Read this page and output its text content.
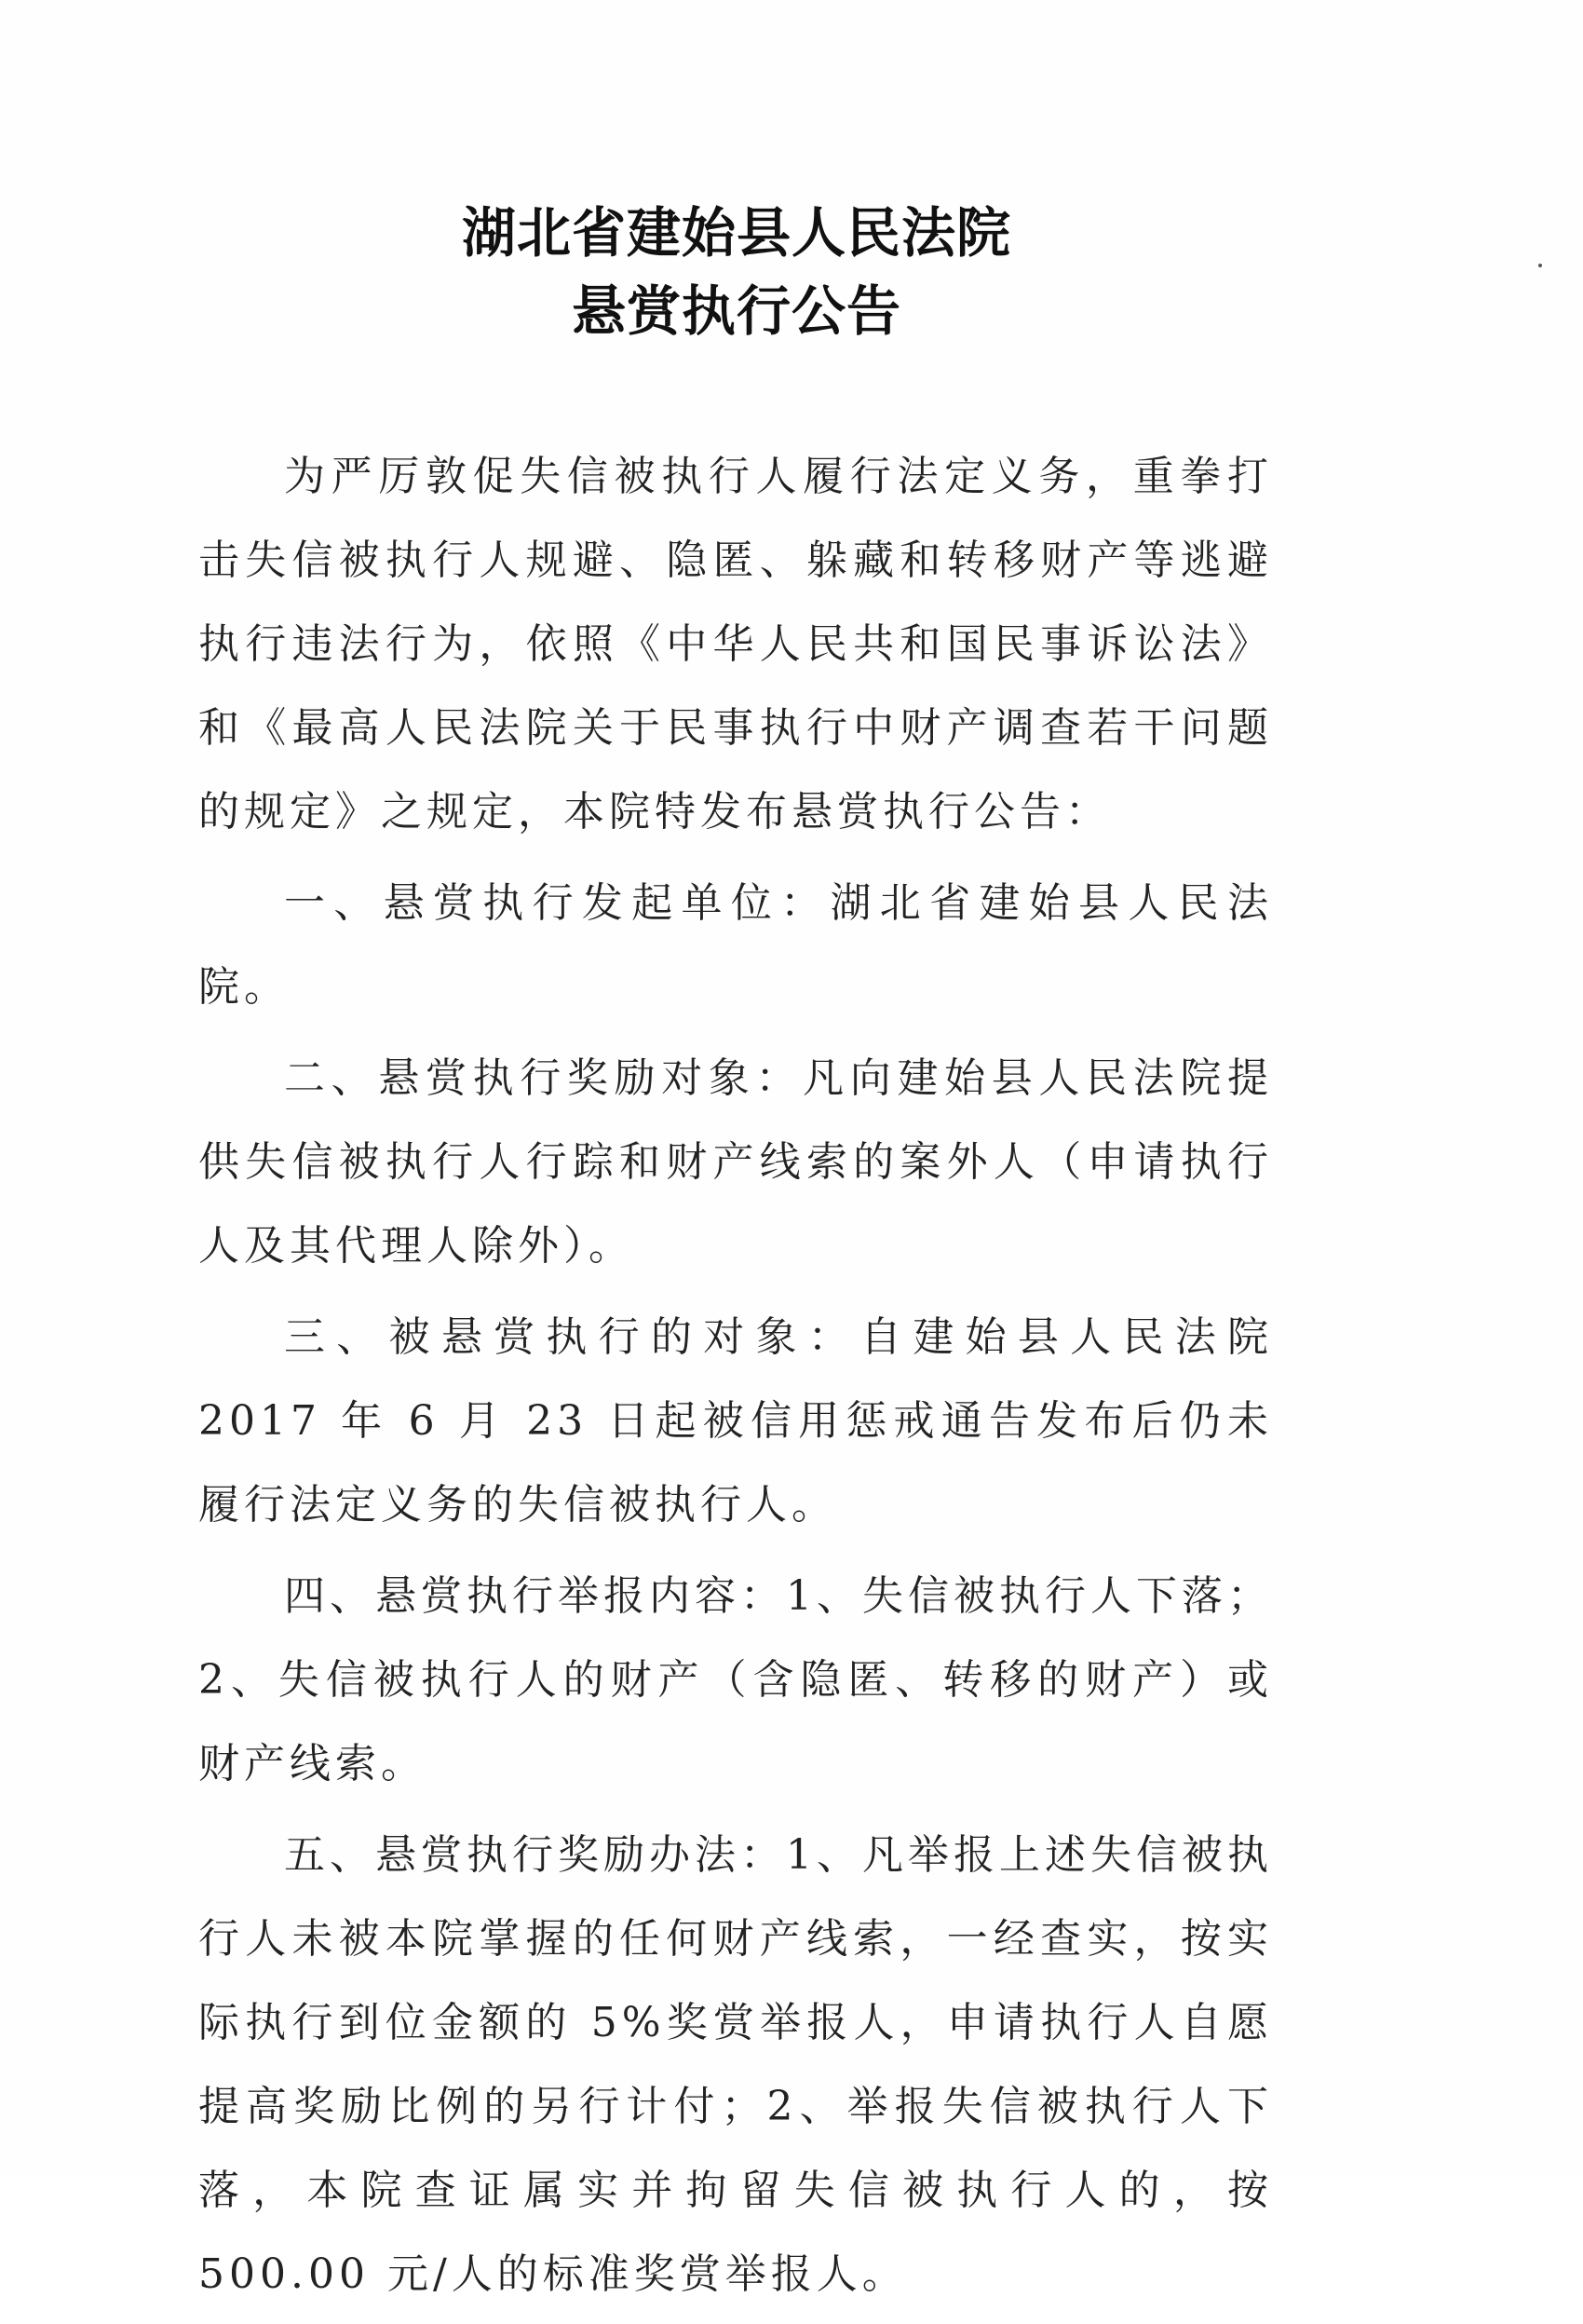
湖北省建始县人民法院

悬赏执行公告

为严厉敦促失信被执行人履行法定义务，重拳打击失信被执行人规避、隐匿、躲藏和转移财产等逃避执行违法行为，依照《中华人民共和国民事诉讼法》和《最高人民法院关于民事执行中财产调查若干问题的规定》之规定，本院特发布悬赏执行公告：

一、悬赏执行发起单位：湖北省建始县人民法院。

二、悬赏执行奖励对象：凡向建始县人民法院提供失信被执行人行踪和财产线索的案外人（申请执行人及其代理人除外）。

三、被悬赏执行的对象：自建始县人民法院 2017 年 6 月 23 日起被信用惩戒通告发布后仍未履行法定义务的失信被执行人。

四、悬赏执行举报内容：1、失信被执行人下落；2、失信被执行人的财产（含隐匿、转移的财产）或财产线索。

五、悬赏执行奖励办法：1、凡举报上述失信被执行人未被本院掌握的任何财产线索，一经查实，按实际执行到位金额的 5%奖赏举报人，申请执行人自愿提高奖励比例的另行计付；2、举报失信被执行人下落，本院查证属实并拘留失信被执行人的，按 500.00 元/人的标准奖赏举报人。
